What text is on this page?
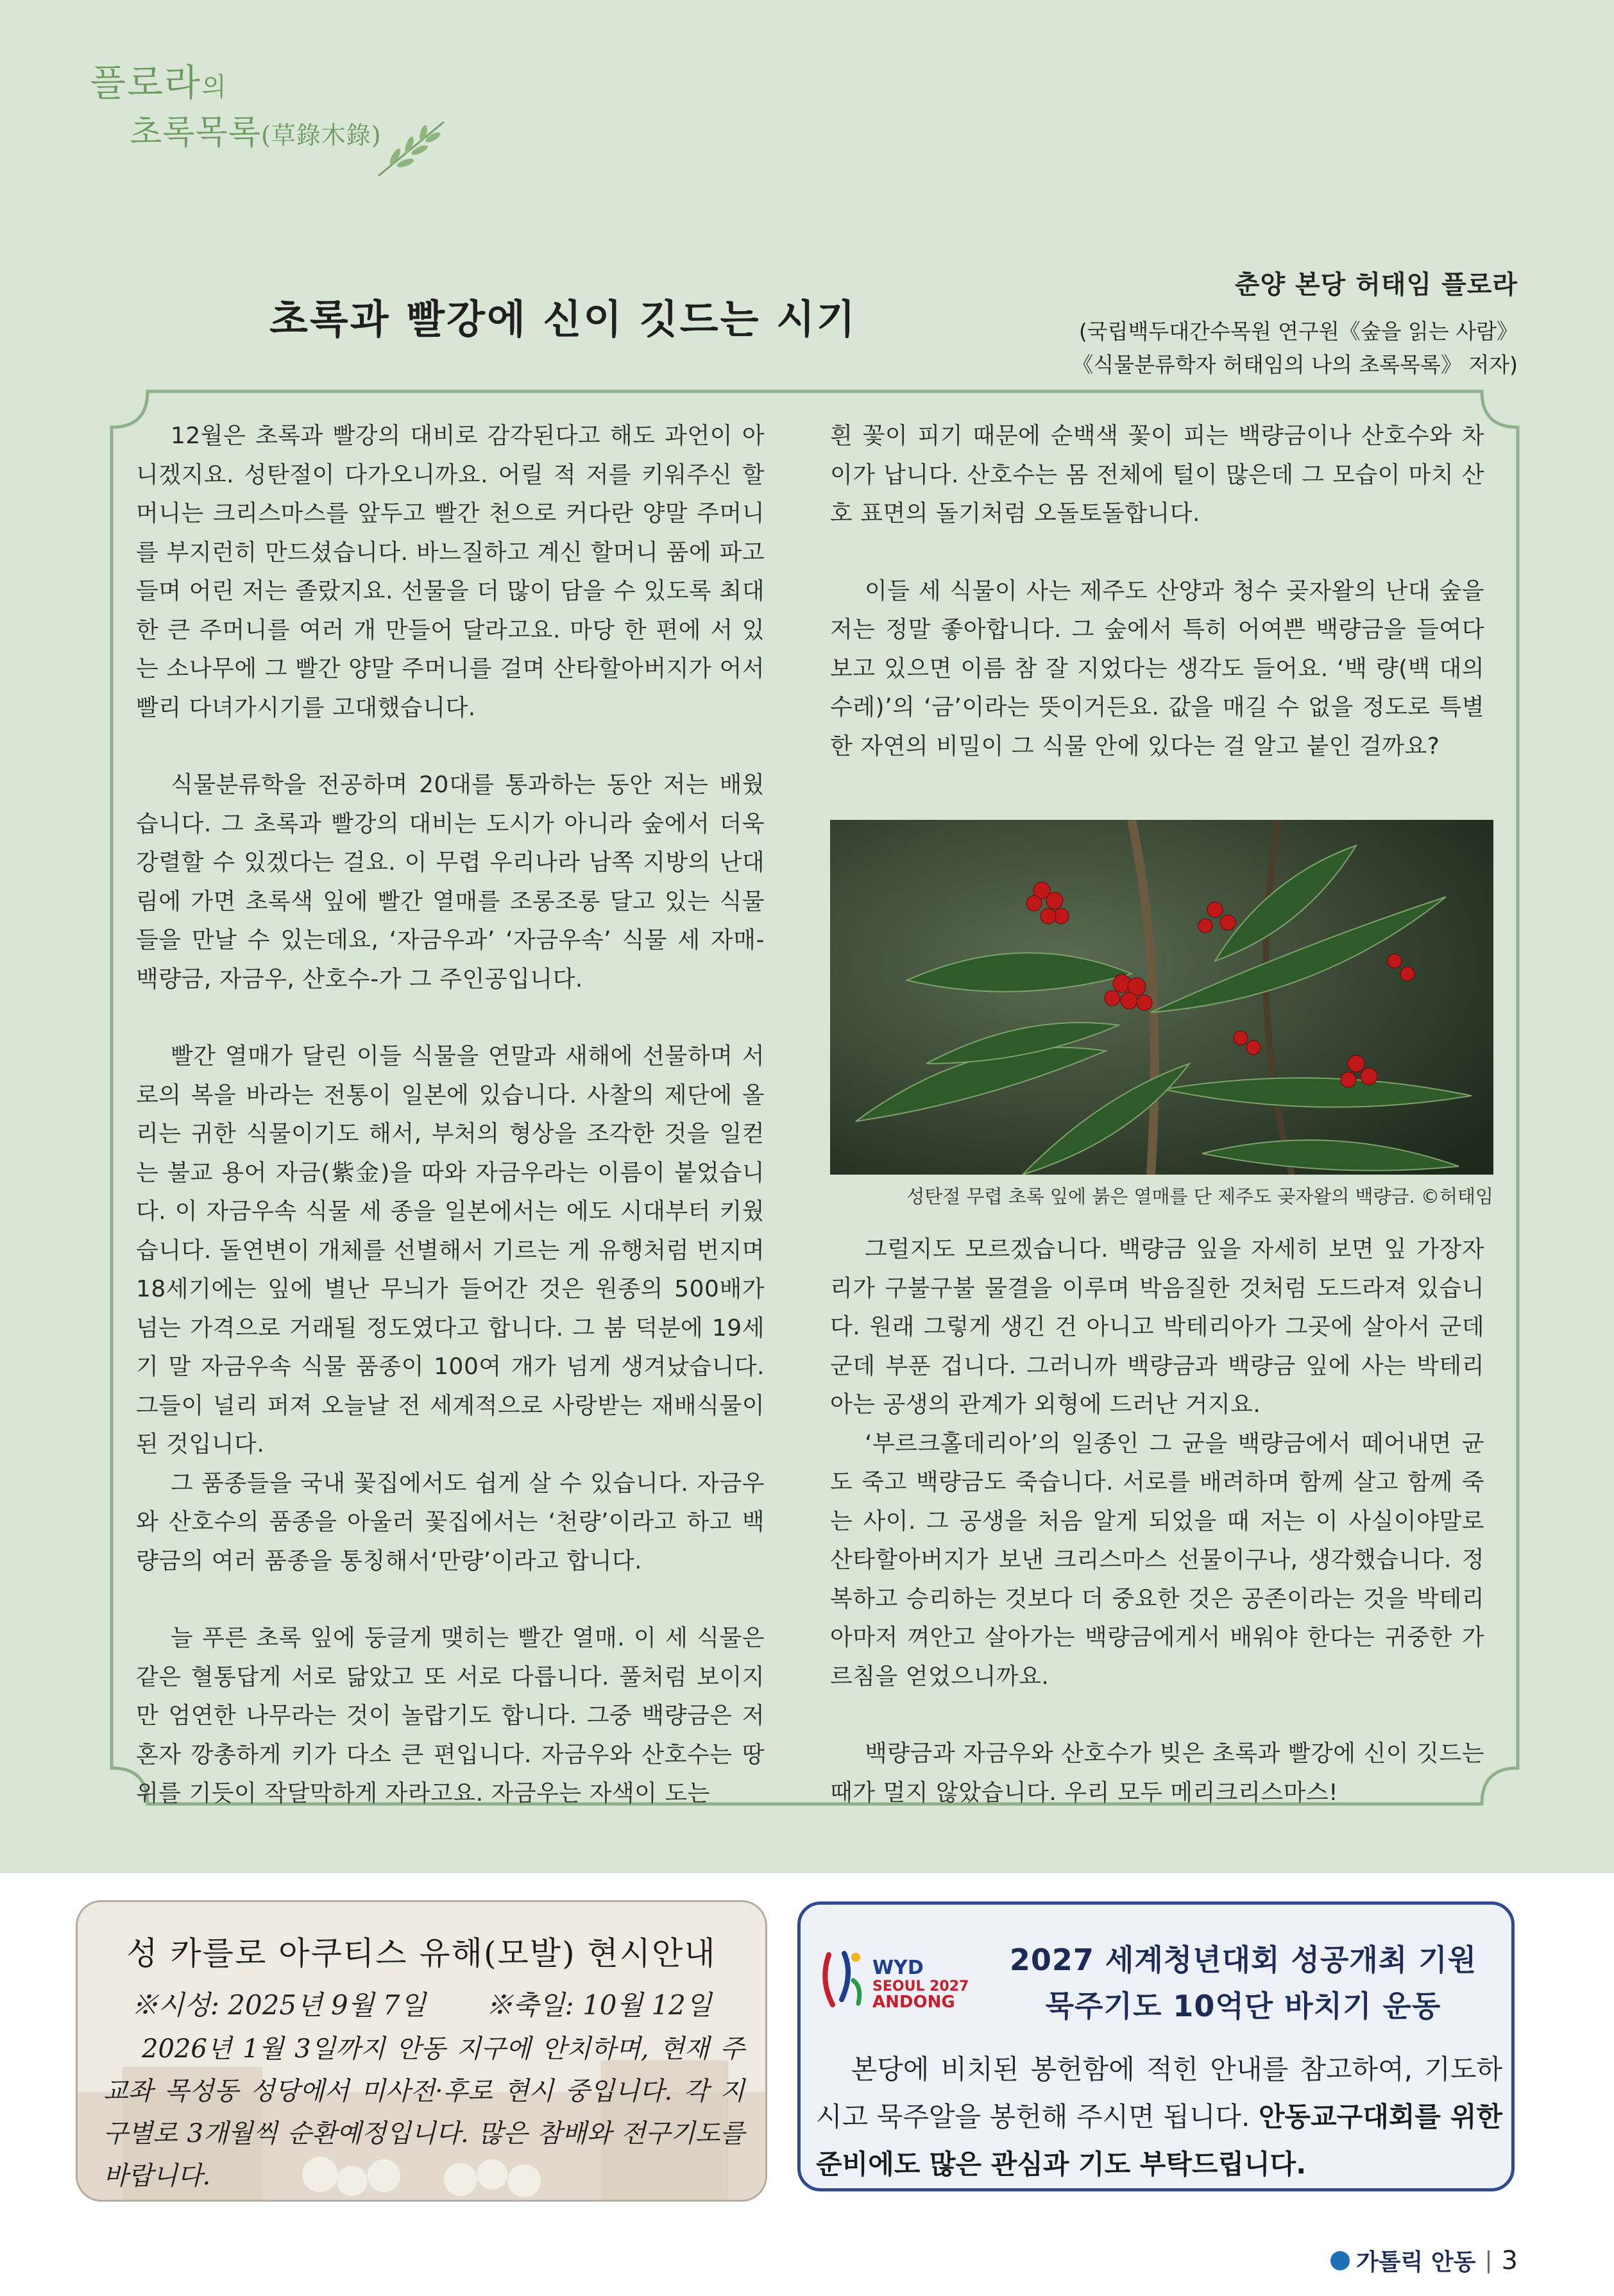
플로라의
초록목록(草錄木錄)
초록과 빨강에 신이 깃드는 시기
춘양 본당 허태임 플로라
(국립백두대간수목원 연구원《숲을 읽는 사람》
《식물분류학자 허태임의 나의 초록목록》 저자)

12월은 초록과 빨강의 대비로 감각된다고 해도 과언이 아니겠지요. 성탄절이 다가오니까요. 어릴 적 저를 키워주신 할머니는 크리스마스를 앞두고 빨간 천으로 커다란 양말 주머니를 부지런히 만드셨습니다. 바느질하고 계신 할머니 품에 파고들며 어린 저는 졸랐지요. 선물을 더 많이 담을 수 있도록 최대한 큰 주머니를 여러 개 만들어 달라고요. 마당 한 편에 서 있는 소나무에 그 빨간 양말 주머니를 걸며 산타할아버지가 어서 빨리 다녀가시기를 고대했습니다.

식물분류학을 전공하며 20대를 통과하는 동안 저는 배웠습니다. 그 초록과 빨강의 대비는 도시가 아니라 숲에서 더욱 강렬할 수 있겠다는 걸요. 이 무렵 우리나라 남쪽 지방의 난대림에 가면 초록색 잎에 빨간 열매를 조롱조롱 달고 있는 식물들을 만날 수 있는데요, ‘자금우과’ ‘자금우속’ 식물 세 자매-백량금, 자금우, 산호수-가 그 주인공입니다.

빨간 열매가 달린 이들 식물을 연말과 새해에 선물하며 서로의 복을 바라는 전통이 일본에 있습니다. 사찰의 제단에 올리는 귀한 식물이기도 해서, 부처의 형상을 조각한 것을 일컫는 불교 용어 자금(紫金)을 따와 자금우라는 이름이 붙었습니다. 이 자금우속 식물 세 종을 일본에서는 에도 시대부터 키웠습니다. 돌연변이 개체를 선별해서 기르는 게 유행처럼 번지며 18세기에는 잎에 별난 무늬가 들어간 것은 원종의 500배가 넘는 가격으로 거래될 정도였다고 합니다. 그 붐 덕분에 19세기 말 자금우속 식물 품종이 100여 개가 넘게 생겨났습니다. 그들이 널리 퍼져 오늘날 전 세계적으로 사랑받는 재배식물이 된 것입니다.

그 품종들을 국내 꽃집에서도 쉽게 살 수 있습니다. 자금우와 산호수의 품종을 아울러 꽃집에서는 ‘천량’이라고 하고 백량금의 여러 품종을 통칭해서‘만량’이라고 합니다.

늘 푸른 초록 잎에 둥글게 맺히는 빨간 열매. 이 세 식물은 같은 혈통답게 서로 닮았고 또 서로 다릅니다. 풀처럼 보이지만 엄연한 나무라는 것이 놀랍기도 합니다. 그중 백량금은 저 혼자 깡총하게 키가 다소 큰 편입니다. 자금우와 산호수는 땅 위를 기듯이 작달막하게 자라고요. 자금우는 자색이 도는

흰 꽃이 피기 때문에 순백색 꽃이 피는 백량금이나 산호수와 차이가 납니다. 산호수는 몸 전체에 털이 많은데 그 모습이 마치 산호 표면의 돌기처럼 오돌토돌합니다.

이들 세 식물이 사는 제주도 산양과 청수 곶자왈의 난대 숲을 저는 정말 좋아합니다. 그 숲에서 특히 어여쁜 백량금을 들여다보고 있으면 이름 참 잘 지었다는 생각도 들어요. ‘백 량(백 대의 수레)’의 ‘금’이라는 뜻이거든요. 값을 매길 수 없을 정도로 특별한 자연의 비밀이 그 식물 안에 있다는 걸 알고 붙인 걸까요?

성탄절 무렵 초록 잎에 붉은 열매를 단 제주도 곶자왈의 백량금. ©허태임

그럴지도 모르겠습니다. 백량금 잎을 자세히 보면 잎 가장자리가 구불구불 물결을 이루며 박음질한 것처럼 도드라져 있습니다. 원래 그렇게 생긴 건 아니고 박테리아가 그곳에 살아서 군데군데 부푼 겁니다. 그러니까 백량금과 백량금 잎에 사는 박테리아는 공생의 관계가 외형에 드러난 거지요.

‘부르크홀데리아’의 일종인 그 균을 백량금에서 떼어내면 균도 죽고 백량금도 죽습니다. 서로를 배려하며 함께 살고 함께 죽는 사이. 그 공생을 처음 알게 되었을 때 저는 이 사실이야말로 산타할아버지가 보낸 크리스마스 선물이구나, 생각했습니다. 정복하고 승리하는 것보다 더 중요한 것은 공존이라는 것을 박테리아마저 껴안고 살아가는 백량금에게서 배워야 한다는 귀중한 가르침을 얻었으니까요.

백량금과 자금우와 산호수가 빚은 초록과 빨강에 신이 깃드는 때가 멀지 않았습니다. 우리 모두 메리크리스마스!

성 카를로 아쿠티스 유해(모발) 현시안내
※시성: 2025년 9월 7일 ※축일: 10월 12일
2026년 1월 3일까지 안동 지구에 안치하며, 현재 주교좌 목성동 성당에서 미사전·후로 현시 중입니다. 각 지구별로 3개월씩 순환예정입니다. 많은 참배와 전구기도를 바랍니다.
WYD
SEOUL 2027
ANDONG
2027 세계청년대회 성공개최 기원
묵주기도 10억단 바치기 운동
본당에 비치된 봉헌함에 적힌 안내를 참고하여, 기도하시고 묵주알을 봉헌해 주시면 됩니다. 안동교구대회를 위한 준비에도 많은 관심과 기도 부탁드립니다.
가톨릭 안동 | 3
